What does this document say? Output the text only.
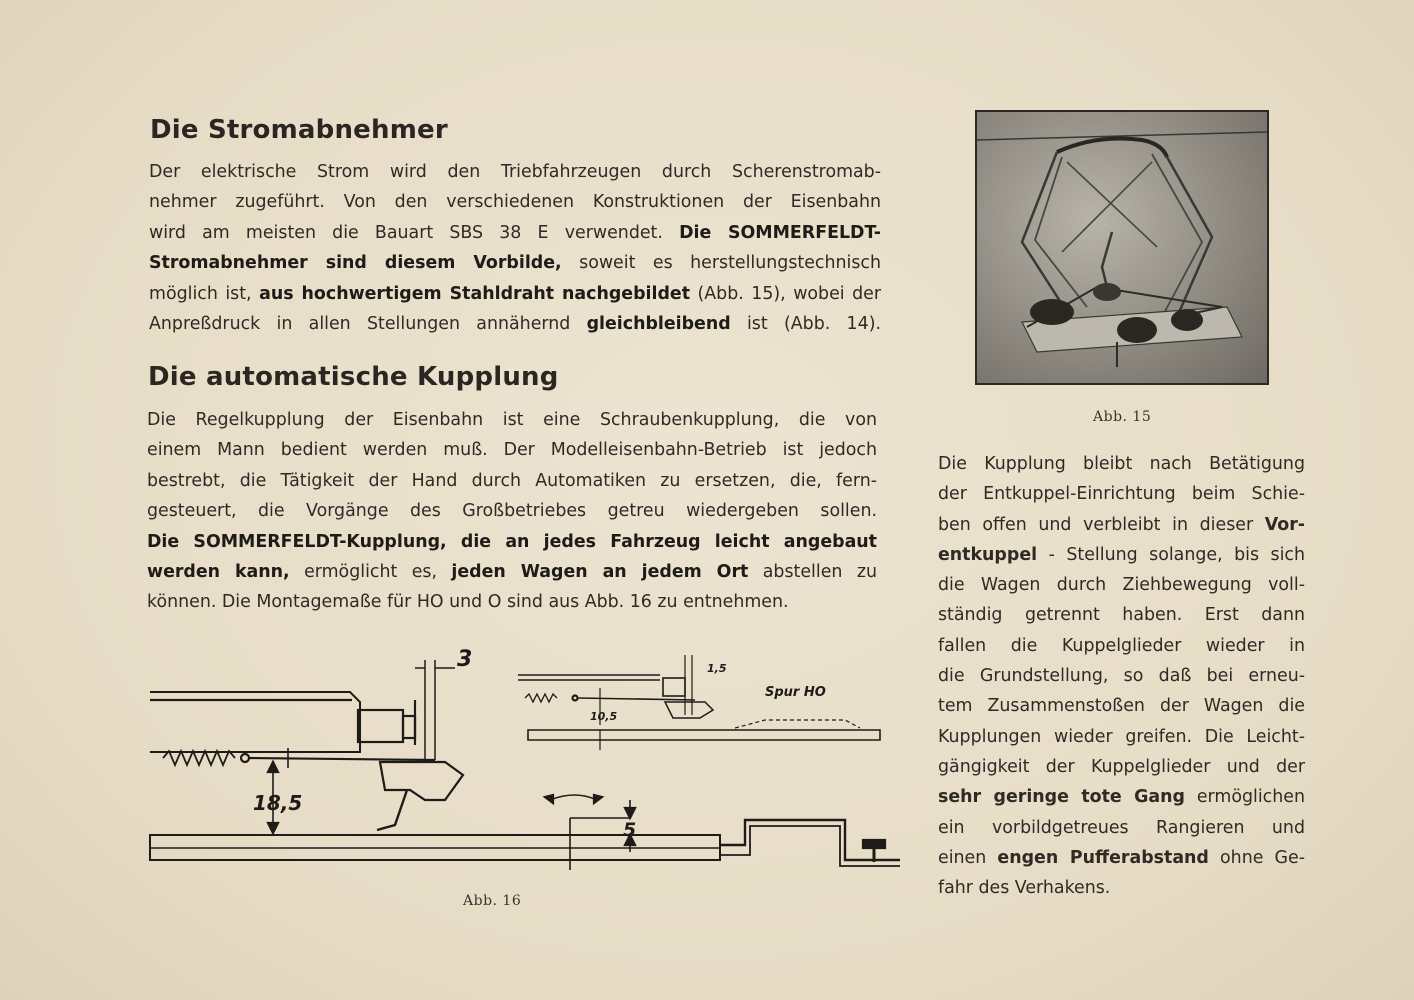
Die Stromabnehmer
Der elektrische Strom wird den Triebfahrzeugen durch Scherenstromab-
nehmer zugeführt. Von den verschiedenen Konstruktionen der Eisenbahn
wird am meisten die Bauart SBS 38 E verwendet. Die SOMMERFELDT-
Stromabnehmer sind diesem Vorbilde, soweit es herstellungstechnisch
möglich ist, aus hochwertigem Stahldraht nachgebildet (Abb. 15), wobei der
Anpreßdruck in allen Stellungen annähernd gleichbleibend ist (Abb. 14).
Die automatische Kupplung
Die Regelkupplung der Eisenbahn ist eine Schraubenkupplung, die von
einem Mann bedient werden muß. Der Modelleisenbahn-Betrieb ist jedoch
bestrebt, die Tätigkeit der Hand durch Automatiken zu ersetzen, die, fern-
gesteuert, die Vorgänge des Großbetriebes getreu wiedergeben sollen.
Die SOMMERFELDT-Kupplung, die an jedes Fahrzeug leicht angebaut
werden kann, ermöglicht es, jeden Wagen an jedem Ort abstellen zu
können. Die Montagemaße für HO und O sind aus Abb. 16 zu entnehmen.
Abb. 15
Die Kupplung bleibt nach Betätigung
der Entkuppel-Einrichtung beim Schie-
ben offen und verbleibt in dieser Vor-
entkuppel - Stellung solange, bis sich
die Wagen durch Ziehbewegung voll-
ständig getrennt haben. Erst dann
fallen die Kuppelglieder wieder in
die Grundstellung, so daß bei erneu-
tem Zusammenstoßen der Wagen die
Kupplungen wieder greifen. Die Leicht-
gängigkeit der Kuppelglieder und der
sehr geringe tote Gang ermöglichen
ein vorbildgetreues Rangieren und
einen engen Pufferabstand ohne Ge-
fahr des Verhakens.
3
18,5
5
1,5
10,5
Spur HO
Abb. 16
